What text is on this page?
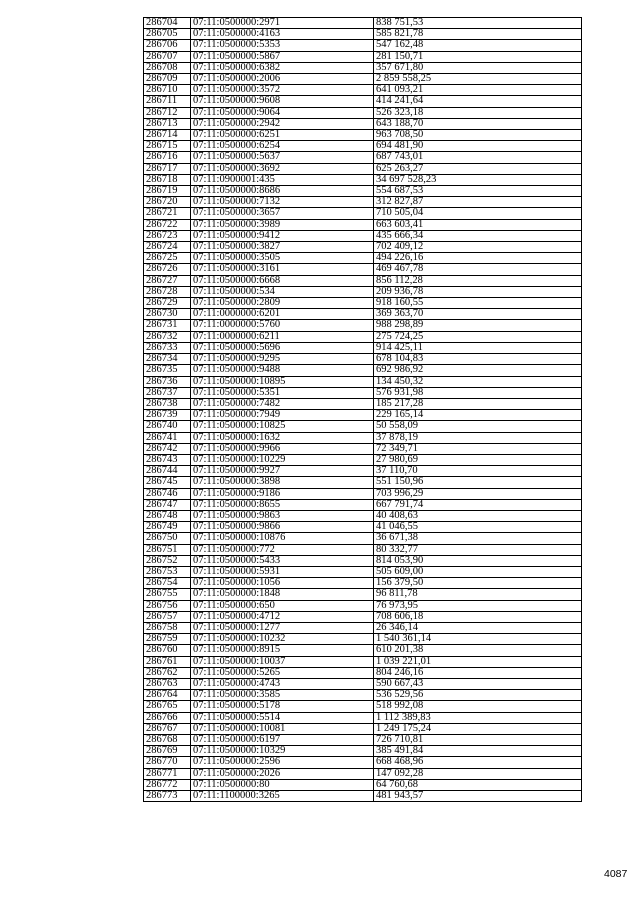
286704	07:11:0500000:2971	838 751,53
286705	07:11:0500000:4163	585 821,78
286706	07:11:0500000:5353	547 162,48
286707	07:11:0500000:5867	281 150,71
286708	07:11:0500000:6382	357 671,80
286709	07:11:0500000:2006	2 859 558,25
286710	07:11:0500000:3572	641 093,21
286711	07:11:0500000:9608	414 241,64
286712	07:11:0500000:9064	526 323,18
286713	07:11:0500000:2942	643 188,70
286714	07:11:0500000:6251	963 708,50
286715	07:11:0500000:6254	694 481,90
286716	07:11:0500000:5637	687 743,01
286717	07:11:0500000:3692	625 263,27
286718	07:11:0900001:435	34 697 528,23
286719	07:11:0500000:8686	554 687,53
286720	07:11:0500000:7132	312 827,87
286721	07:11:0500000:3657	710 505,04
286722	07:11:0500000:3989	663 603,41
286723	07:11:0500000:9412	435 666,34
286724	07:11:0500000:3827	702 409,12
286725	07:11:0500000:3505	494 226,16
286726	07:11:0500000:3161	469 467,78
286727	07:11:0500000:6668	856 112,28
286728	07:11:0500000:534	209 936,78
286729	07:11:0500000:2809	918 160,55
286730	07:11:0000000:6201	369 363,70
286731	07:11:0000000:5760	988 298,89
286732	07:11:0000000:6211	275 724,25
286733	07:11:0500000:5696	914 425,11
286734	07:11:0500000:9295	678 104,83
286735	07:11:0500000:9488	692 986,92
286736	07:11:0500000:10895	134 450,32
286737	07:11:0500000:5351	576 931,98
286738	07:11:0500000:7482	185 217,28
286739	07:11:0500000:7949	229 165,14
286740	07:11:0500000:10825	50 558,09
286741	07:11:0500000:1632	37 878,19
286742	07:11:0500000:9966	72 349,71
286743	07:11:0500000:10229	27 980,69
286744	07:11:0500000:9927	37 110,70
286745	07:11:0500000:3898	551 150,96
286746	07:11:0500000:9186	703 996,29
286747	07:11:0500000:8655	667 791,74
286748	07:11:0500000:9863	40 408,63
286749	07:11:0500000:9866	41 046,55
286750	07:11:0500000:10876	36 671,38
286751	07:11:0500000:772	80 332,77
286752	07:11:0500000:5433	814 053,90
286753	07:11:0500000:5931	505 609,00
286754	07:11:0500000:1056	156 379,50
286755	07:11:0500000:1848	96 811,78
286756	07:11:0500000:650	76 973,95
286757	07:11:0500000:4712	708 606,18
286758	07:11:0500000:1277	26 346,14
286759	07:11:0500000:10232	1 540 361,14
286760	07:11:0500000:8915	610 201,38
286761	07:11:0500000:10037	1 039 221,01
286762	07:11:0500000:5265	804 246,16
286763	07:11:0500000:4743	590 667,43
286764	07:11:0500000:3585	536 529,56
286765	07:11:0500000:5178	518 992,08
286766	07:11:0500000:5514	1 112 389,83
286767	07:11:0500000:10081	1 249 175,24
286768	07:11:0500000:6197	726 710,81
286769	07:11:0500000:10329	385 491,84
286770	07:11:0500000:2596	668 468,96
286771	07:11:0500000:2026	147 092,28
286772	07:11:0500000:80	64 760,68
286773	07:11:1100000:3265	481 943,57
4087
